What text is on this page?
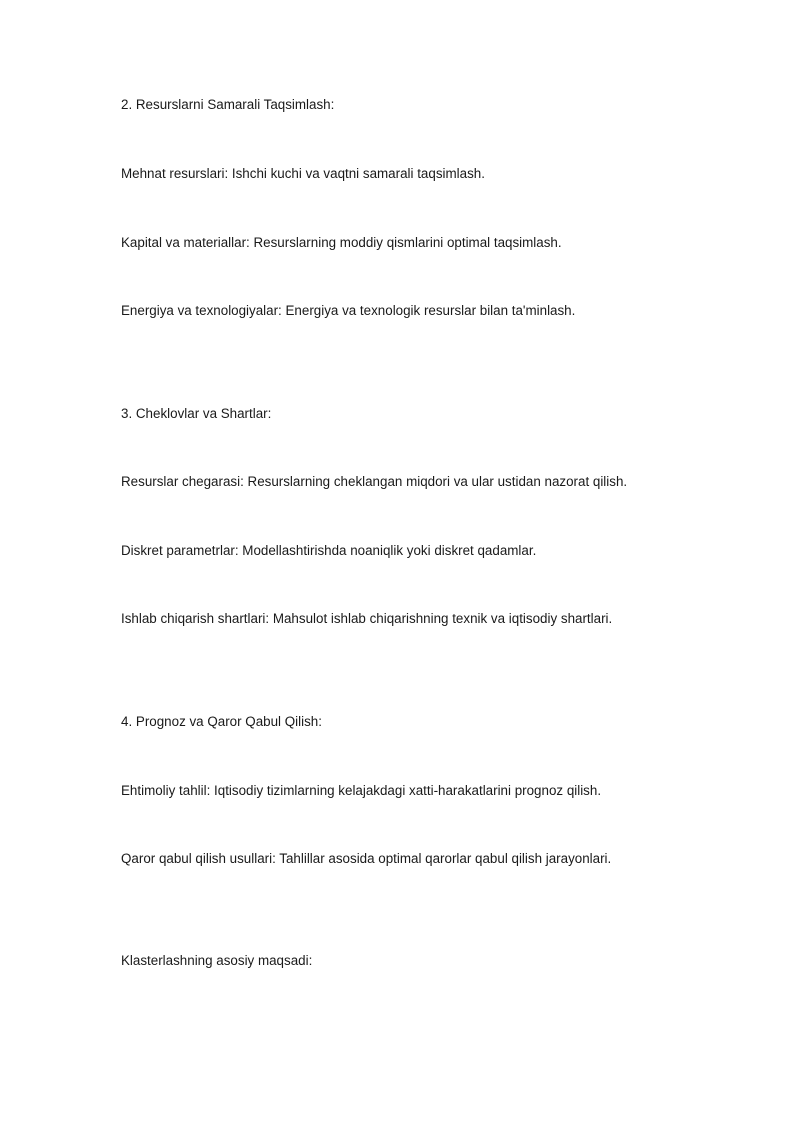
2. Resurslarni Samarali Taqsimlash:

Mehnat resurslari: Ishchi kuchi va vaqtni samarali taqsimlash.

Kapital va materiallar: Resurslarning moddiy qismlarini optimal taqsimlash.

Energiya va texnologiyalar: Energiya va texnologik resurslar bilan ta'minlash.

3. Cheklovlar va Shartlar:

Resurslar chegarasi: Resurslarning cheklangan miqdori va ular ustidan nazorat qilish.

Diskret parametrlar: Modellashtirishda noaniqlik yoki diskret qadamlar.

Ishlab chiqarish shartlari: Mahsulot ishlab chiqarishning texnik va iqtisodiy shartlari.

4. Prognoz va Qaror Qabul Qilish:

Ehtimoliy tahlil: Iqtisodiy tizimlarning kelajakdagi xatti-harakatlarini prognoz qilish.

Qaror qabul qilish usullari: Tahlillar asosida optimal qarorlar qabul qilish jarayonlari.

Klasterlashning asosiy maqsadi:
